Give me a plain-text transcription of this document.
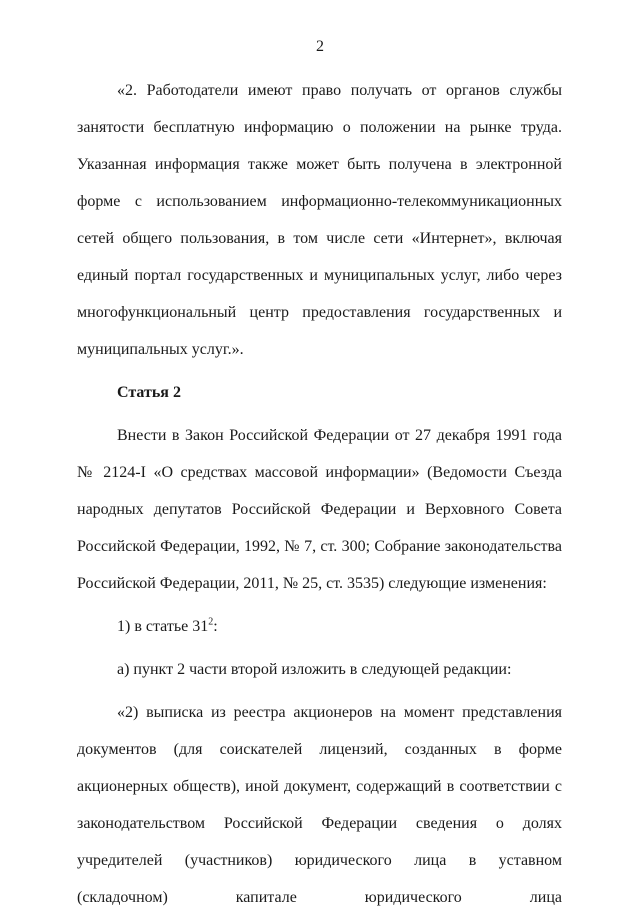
2

«2. Работодатели имеют право получать от органов службы занятости бесплатную информацию о положении на рынке труда. Указанная информация также может быть получена в электронной форме с использованием информационно-телекоммуникационных сетей общего пользования, в том числе сети «Интернет», включая единый портал государственных и муниципальных услуг, либо через многофункциональный центр предоставления государственных и муниципальных услуг.».

Статья 2

Внести в Закон Российской Федерации от 27 декабря 1991 года № 2124-I «О средствах массовой информации» (Ведомости Съезда народных депутатов Российской Федерации и Верховного Совета Российской Федерации, 1992, № 7, ст. 300; Собрание законодательства Российской Федерации, 2011, № 25, ст. 3535) следующие изменения:

1) в статье $31^2$:

а) пункт 2 части второй изложить в следующей редакции:

«2) выписка из реестра акционеров на момент представления документов (для соискателей лицензий, созданных в форме акционерных обществ), иной документ, содержащий в соответствии с законодательством Российской Федерации сведения о долях учредителей (участников) юридического лица в уставном (складочном) капитале юридического лица
